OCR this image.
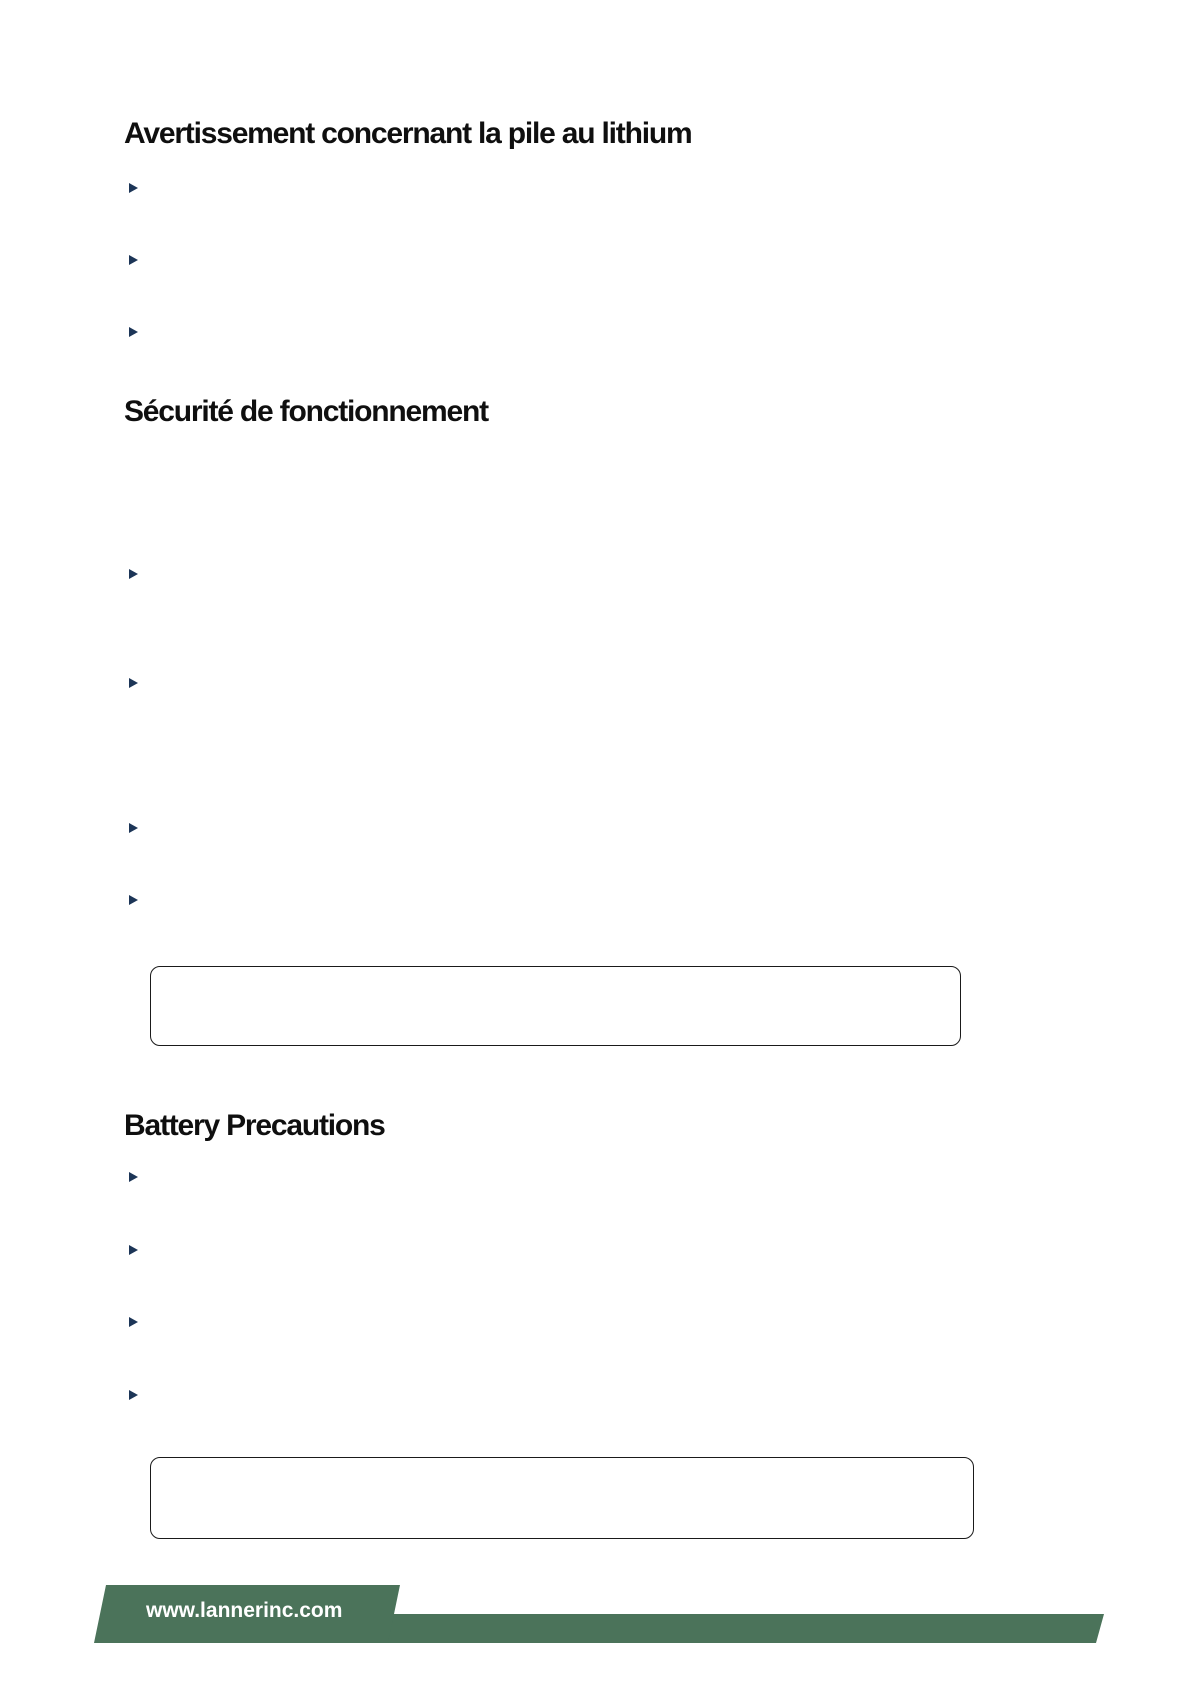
Avertissement concernant la pile au lithium
Sécurité de fonctionnement
Battery Precautions
www.lannerinc.com
